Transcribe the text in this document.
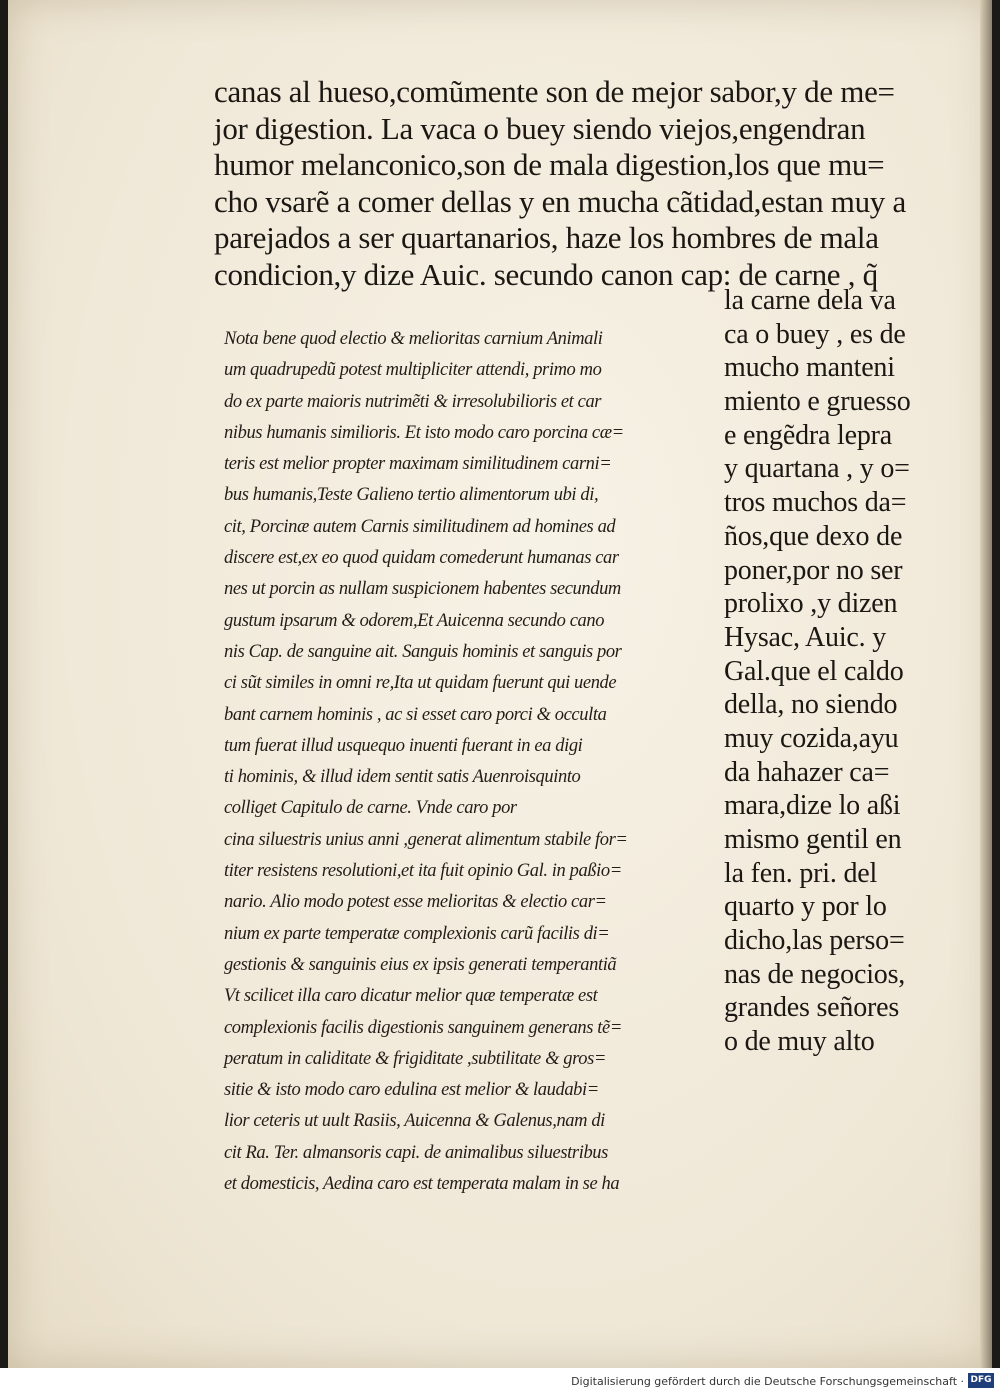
canas al hueso,comũmente son de mejor sabor,y de me=
jor digestion. La vaca o buey siendo viejos,engendran
humor melanconico,son de mala digestion,los que mu=
cho vsarẽ a comer dellas y en mucha cãtidad,estan muy a
parejados a ser quartanarios, haze los hombres de mala
condicion,y dize Auic. secundo canon cap: de carne , q̃
Nota bene quod electio & melioritas carnium Animali
um quadrupedũ potest multipliciter attendi, primo mo
do ex parte maioris nutrimẽti & irresolubilioris et car
nibus humanis similioris. Et isto modo caro porcina cæ=
teris est melior propter maximam similitudinem carni=
bus humanis,Teste Galieno tertio alimentorum ubi di,
cit, Porcinæ autem Carnis similitudinem ad homines ad
discere est,ex eo quod quidam comederunt humanas car
nes ut porcin as nullam suspicionem habentes secundum
gustum ipsarum & odorem,Et Auicenna secundo cano
nis Cap. de sanguine ait. Sanguis hominis et sanguis por
ci sũt similes in omni re,Ita ut quidam fuerunt qui uende
bant carnem hominis , ac si esset caro porci & occulta
tum fuerat illud usquequo inuenti fuerant in ea digi
ti hominis, & illud idem sentit satis Auenroisquinto
colliget Capitulo de carne. Vnde caro por
cina siluestris unius anni ,generat alimentum stabile for=
titer resistens resolutioni,et ita fuit opinio Gal. in paßio=
nario. Alio modo potest esse melioritas & electio car=
nium ex parte temperatæ complexionis carũ facilis di=
gestionis & sanguinis eius ex ipsis generati temperantiã
Vt scilicet illa caro dicatur melior quæ temperatæ est
complexionis facilis digestionis sanguinem generans tẽ=
peratum in caliditate & frigiditate ,subtilitate & gros=
sitie & isto modo caro edulina est melior & laudabi=
lior ceteris ut uult Rasiis, Auicenna & Galenus,nam di
cit Ra. Ter. almansoris capi. de animalibus siluestribus
et domesticis, Aedina caro est temperata malam in se ha
la carne dela va
ca o buey , es de
mucho manteni
miento e gruesso
e engẽdra lepra
y quartana , y o=
tros muchos da=
ños,que dexo de
poner,por no ser
prolixo ,y dizen
Hysac, Auic. y
Gal.que el caldo
della, no siendo
muy cozida,ayu
da hahazer ca=
mara,dize lo aßi
mismo gentil en
la fen. pri. del
quarto y por lo
dicho,las perso=
nas de negocios,
grandes señores
o de muy alto
Digitalisierung gefördert durch die Deutsche Forschungsgemeinschaft · DFG
